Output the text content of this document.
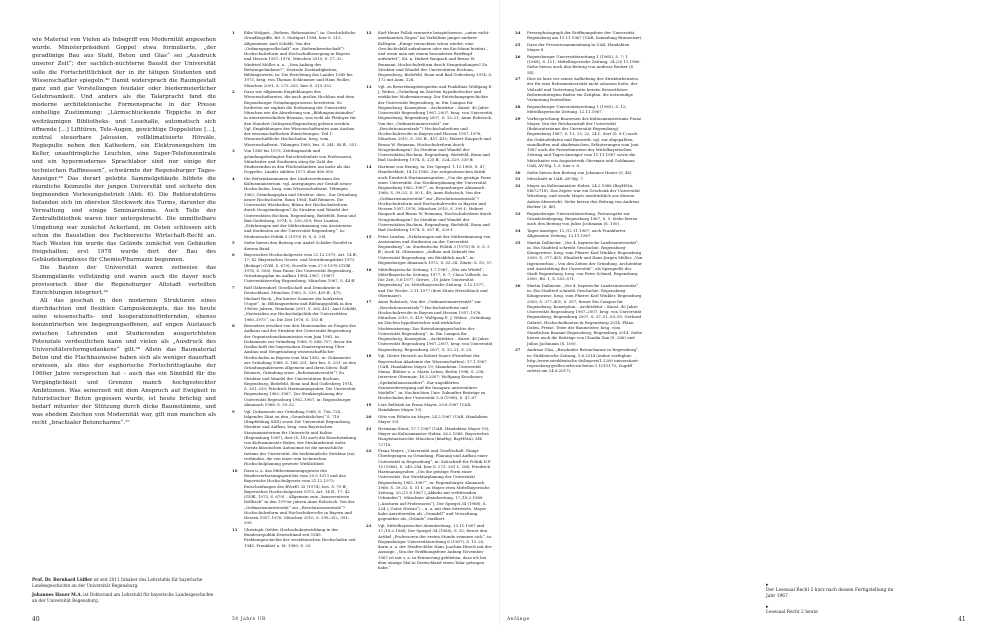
wie Material von Vielen als Inbegriff von Modernität angesehen wurde. Ministerpräsident Goppel etwa formulierte, „der geradlinige Bau aus Stahl, Beton und Glas“ sei „Ausdruck unserer Zeit“; der sachlich-nüchterne Baustil der Universität solle die Fortschrittlichkeit der in ihr tätigen Studenten und Wissenschaftler spiegeln.³⁰ Damit widersprach die Raumgestalt ganz und gar Vorstellungen feudaler oder biedermeierlicher Gelehrsamkeit. Und anders als die Talarpracht fand die moderne architektonische Formensprache in der Presse einhellige Zustimmung: „Lärmschluckende Teppiche in der weiträumigen Bibliotheks- und Lesehalle, automatisch sich öffnende […] Lifttüren, Tele-Augen, gewichtige Doppelsitze […], zentral steuerbare Jalousien, vollklimatisierte Hörsäle, Regiepulte neben den Kathedern, ein Elektronengehirn im Keller, unaufdringliche Leuchten, eine Super-Telefonzentrale und ein hypermodernes Sprachlabor sind nur einige der technischen Raffinessen“, schwärmte der Regensburger Tages-Anzeiger.³⁴ Das derart gelobte Sammelgebäude bildete die räumliche Keimzelle der jungen Universität und sicherte den beginnenden Vorlesungsbetrieb (Abb. 6). Die Rektoratsbüros befanden sich im obersten Stockwerk des Turms, darunter die Verwaltung und einige Seminarräume. Auch Teile der Zentralbibliothek waren hier untergebracht. Die unmittelbare Umgebung war zunächst Ackerland, im Osten schlossen sich schon die Baustellen des Fachbereichs Wirtschaft-Recht an. Nach Westen hin wurde das Gelände zunächst von Gebäuden freigehalten; erst 1978 wurde dort der Bau des Gebäudekomplexes für Chemie/Pharmazie begonnen.

Die Bauten der Universität waren zeitweise das Stammgelände vollständig und waren auch die davor noch provisorisch über die Regensburger Altstadt verteilten Einrichtungen integriert.³⁴

All das geschah in den modernen Strukturen eines durchdachten und flexiblen Campuskonzepts, das bis heute seine wissenschafts- und kooperationsfördernden, ebenso konzentrierten wie begegnungsoffenen, auf engen Austausch zwischen Lehrenden und Studierenden ausgerichteten Potenziale verdeutlichen kann und vielen als „Ausdruck des Universitätsreformgedankens“ gilt.³⁸ Allein das Baumaterial Beton und die Flachbauweise haben sich als weniger dauerhaft erwiesen, als dies der euphorische Fortschrittsglaube der 1960er Jahre versprochen hat – auch das ein Sinnbild für die Vergänglichkeit und Grenzen manch hochgesteckter Ambitionen. Was seinerzeit mit dem Anspruch auf Ewigkeit in futuristischer Beton gegossen wurde, ist heute brüchig und bedarf mitunter der Stützung durch dicke Baumstämme, und was ehedem Zeichen von Modernität war, gilt nun manchen als recht „brachialer Betoncharme“.³⁷

Prof. Dr. Bernhard Löffler ist seit 2011 Inhaber des Lehrstuhls für bayerische Landesgeschichte an der Universität Regensburg.

Johannes Hauer M.A. ist Doktorand am Lehrstuhl für bayerische Landesgeschichte an der Universität Regensburg.

1	Eike Wolgast, „Reform, Reformation“, in: Geschichtliche Grundbegriffe, Bd. 5, Stuttgart 1984, hier S. 313. Allgemeiner Axel Schildt, Von der „Ordnungsgesellschaft“ zur „Reformbereitschaft“? Hochschulreform und Hochschulbewegung in Bayern und Hessen 1957–1976, München 2010, S. 17–32; Winfried Müller u. a., „Vom Anfang des Reformgedankens?“, Zentrale Zuständigkeiten, Bildungswerte, in: Die Errichtung des Landes 1949 bis 1973, hrsg. von Thomas Schlemmer und Hans Woller, München 2001, S. 273–355, hier S. 319–352.
2	Dazu wie allgemein Empfehlungen des Wissenschaftsrates, die nach großen Hochbau und dem Regensburger Gründungsprozesse bereiteten. So forderten sie explizit die Entlastung der Universität München wie die Abwehrung von „Bildungsnotständen“ in unterentwickelten Räumen, was wohl als Plädoyer für den Standort Ostbayern/Regensburg gelesen werden. Vgl. Empfehlungen des Wissenschaftsrates zum Ausbau der wissenschaftlichen Einrichtungen. Teil 1: Wissenschaftliche Hochschulen, hrsg. vom Wissenschaftsrat, Tübingen 1960, bes. S. 24f., 48 ff., 551.
3	Von 1949 bis 1975, Zeitdiagnostik und gründungsbedingter Entschiedenheit von Professoren, Mitarbeiter und Studenten stieg die Zahl der Studierenden in den Flächenländern um mehr als das Doppelte; Länder zählten 1971 über 400.000.
4	Die Reformkommunen der Ländersreformen der Kultusministerium: vgl. Anregungen zur Gestalt neuer Hochschulen, hrsg. vom Wissenschaftsrat, Tübingen 1962; Gründungsplan und Struktur: ders., Zur Gründung neuer Hochschulen, Bonn 1964; Ralf Reimers, Die Universität Wiesbaden; Bilanz der Hochschulreform durch Neugründungen? Zu Struktur und Wandel der Universitäten Bochum, Regensburg, Bielefeld, Bonn und Bad Godesberg, 1974, S. 330–359; Peer Landau, „Erfahrungen mit der Mitbestimmung von Assistenten und Studenten an der Universität Regensburg“, in: Studentische Politik 3 (1970) H. 8, S. 3 ff.
5	Siehe hierzu den Beitrag von André Schäfer-Zweifel in diesem Band.
6	Bayerisches Hochschulgesetz vom 21.12.1973, Art. 14 ff., 17; 42 (Bayerisches Gesetz- und Verordnungsblatt 1973 (Beilage) GVBl. S. 679); Novelle vom 27.9.1978 (GVBl. 1978, S. 508). Max Pauer, Die Universität Regensburg – Gründungsplan im Aufbau 1964–1967, (1967) Universitätsverlag Regensburg, München 1967, S. 44 ff.
7	Rolf Dahrendorf, Gesellschaft und Demokratie in Deutschland, München 1965, S. 339, 439 ff., 475; Michael Ruck, „Ein kurzer Sommer der konkreten Utopie“, in: Bildungsreform und Bildungspolitik in den 1960er Jahren, Weinheim 2001, S. 362–401; Axel Schildt, „Materialien zur Hochschulpolitik der Universitäten 1960–1975“, in: Die Zeit 1978, S. 153 ff.
8	Besonders erwähnt von den Memoranden zu Fragen des Aufbaus und der Struktur der Universität Regensburg der Organisationskommission vom Juni 1963, in: Dokumente zur Gründung 1968, S. 688–707; davor die Denkschrift der bayerischen Staatsregierung Über Ausbau und Neugründung wissenschaftlicher Hochschulen in Bayern vom Mai 1962, in: Dokumente zur Gründung 1968, S. 168–201, hier bes. S. 201; zu den Gründungsakteuren allgemein und ihren Ideen: Ralf Reimers, Gründung einer „Reformuniversität“? Zu Struktur und Wandel der Universitäten Bochum, Regensburg, Bielefeld, Bonn und Bad Godesberg 1974, S. 301–339; Friedrich Hartmannsgruber, Die Universität Regensburg 1962–1967, Zur Strukturplanung der Universität Regensburg 1962–1967, in: Regensburger Almanach 1968, S. 39–52.
9	Vgl. Dokumente zur Gründung 1968, S. 706–724, folgendes Zitat zu den „Grundsätzlichen“ S. 718 (Empfehlung XXII) sowie Die Universität Regensburg, Struktur und Aufbau, hrsg. vom Bayerischen Staatsministerium für Unterricht und Kultus (Regensburg 1967), dort (S. 18) auch die Einschränkung von Kultusminister Huber, der Strukturbeirat unter Vorsitz klassischen Autonomie ist die menschliche Instanz der Universität, die herkömmliche Struktur (zu) verbinden, die von einer rein technischen Hochschulplanung gesetzte Wirklichkeit
10	Dazu u. a. das Mitbestimmungsgesetz des Bundesverfassungsgerichts vom 29.5.1973 und das Bayerische Hochschulgesetz vom 21.12.1973: Entscheidungen des BVerfG 35 (1974), bes. S. 79 ff.; Bayerisches Hochschulgesetz 1973, Art. 14 ff., 17; 42 (GVBl. 1973, S. 679) – Allgemein zum „konservativen Rollback“ in den 1970er Jahren Anne Rohstock, Von der „Ordinarienuniversität“ zur „Revolutionszentrale“? Hochschulreform und Hochschulrevolte in Bayern und Hessen 1957–1976, München 2010, S. 299–352, 391–399.
11	Christoph Oehler, Hochschulentwicklung in der Bundesrepublik Deutschland seit 1945. Problemgeschichte der westdeutschen Hochschulen seit 1945, Frankfurt a. M. 1989, S. 20.
12	Karl-Heinz Pollok erinnerte beispielsweise, „unter nicht-anerkannten Zügen“ im Verhältnis junger anderer Kollegen: „Einige versuchten schon wieder, eine Geschichtsbild aufzubauen oder ein Ein-Mann-Institut – und wenn man mit einem besonderen Briefkopf aufwartet“, Zit. n. Hubert Raupach und Bruno W. Reimann, Hochschulreform durch Neugründungen? Zu Struktur und Wandel der Universitäten Bochum, Regensburg, Bielefeld, Bonn und Bad Godesberg 1974, S. 172 mit Anm. 128.
13	Vgl. zu Bewerbungsbeispielen und Punktlinie Wolfgang E. J. Weber, „Gründung im Zeichen hypothetischer und wirklicher Modernisierung: Zur Entstehungsgeschichte der Universität Regensburg, in: Ein Campus für Regensburg, Konzeption – Architektur – Kunst. 40 Jahre Universität Regensburg 1967–2007, hrsg. von Universität Regensburg, Regensburg 2007, S. 13–21; Anne Rohstock, Von der „Ordinarienuniversität“ zur „Revolutionszentrale“? Hochschulreform und Hochschulrevolte in Bayern und Hessen 1957–1976, München 2010, S. 302 ff., 407–415; Hubert Raupach und Bruno W. Reimann, Hochschulreform durch Neugründungen? Zu Struktur und Wandel der Universitäten Bochum, Regensburg, Bielefeld, Bonn und Bad Godesberg 1974, S. 225 ff., 324–329, 339 ff.
14	Hartmut von Hentig, in: Der Spiegel, 1.12.1965, S. 47; Hundertblatt, 14.10.1965. Zur zeitgenössischen Kritik auch Friedrich Hartmannsgruber, „Um die geistige Form einer Universität. Zur Strukturplanung der Universität Regensburg 1962–1967“, in: Regensburger Almanach 1968, S. 39–52, S. 50 f., 48; Anne Rohstock, Von der „Ordinarienuniversität“ zur „Revolutionszentrale“? Hochschulreform und Hochschulrevolte in Bayern und Hessen 1957–1976, München 2010, S. 399 f.; Hubert Raupach und Bruno W. Reimann, Hochschulreform durch Neugründungen? Zu Struktur und Wandel der Universitäten Bochum, Regensburg, Bielefeld, Bonn und Bad Godesberg 1974, S. 307 ff., 329 f.
15	Peter Landau, „Erfahrungen mit der Mitbestimmung von Assistenten und Studenten an der Universität Regensburg“, in: Studentische Politik 3 (1970) H. 8, S. 3 ff.; Auch M. Obermaier, „Aufbau und Zukunft der Universität Regensburg: ein Rückblick nach“, in: Regensburger Almanach 1973, S. 53–58, Zitate: S. 55, 57.
16	Mittelbayerische Zeitung, 1.7.1967, „Wie ein Würfel“, Mittelbayerische Zeitung, 1977, S. 7; Claus Vollrath, in: Die Zeit, 5.8.1977; Grewe, „10 Jahre Universität Regensburg“ in: Mittelbayerische Zeitung, 3.12.1977, und Die Woche, 3.11.1977 (dort Zitate Herschbach und Obermaier).
17	Anne Rohstock, Von der „Ordinarienuniversität“ zur „Revolutionszentrale“? Hochschulreform und Hochschulrevolte in Bayern und Hessen 1957–1976, München 2010, S. 419; Wolfgang E. J. Weber, „Gründung im Zeichen hypothetischer und wirklicher Modernisierung: Zur Entstehungsgeschichte der Universität Regensburg“, in: Ein Campus für Regensburg, Konzeption – Architektur – Kunst. 40 Jahre Universität Regensburg 1967–2007, hrsg. von Universität Regensburg, Regensburg 2007, S. 13–21, S. 20.
18	Vgl. Dieter Henrich an Robert Sauer (Präsident der Bayerischen Akademie der Wissenschaften), 17.1.1967 (UAR, Handakten Mayer 19; Mannheim: Universität Mainz, Blätter u. a. Marta Leben, Berlin 1996, S. 238; Interview Obermair, 16.3.2007; Wolfgang Kronbauer, „Spekulationsstandort“. Zur ungeklärten Seniorenbewegung auf die Inaugura universitärer Modelle“, in: Nachrichten Univ. Zukunfter Beiträge zu Hochschulen der Universität 5–6 (1998), S. 47–67.
19	Lorz Rellstab an Franz Mayer, 29.6.1967 (UAR, Handakten Mayer 19).
20	Götz von Pölnitz an Mayer, 24.2.1967 (UAR, Handakten Mayer 19).
21	Hermann Staut, 17.7.1967 (UAR, Handakten Mayer 19); Mayer an Kultusminister Huber, 26.2.1968. Bayerisches Hauptstaatsarchiv München (künftig: BayHStA), MK 72718.
22	Franz Mayer, „Universität und Gesellschaft. Einige Überlegungen zu Gründung, Planung und Aufbau einer Universität in Regensburg“, in: Zeitschrift für Politik N.F. 15 (1968), S. 249–284, hier S. 273, 281 f., 284; Friedrich Hartmannsgruber, „Um die geistige Form einer Universität. Zur Strukturplanung der Universität Regensburg 1962–1967“, in: Regensburger Almanach 1968, S. 39–52, S. 51 f.; zu Mayer etwa Mittelbayerische Zeitung, 20./21.6.1967 („Abkehr mit weltfremden Urkunden“); Münchner Abendzeitung, 17./18.2.1968 („Ansturm auf Professoren“); Der Spiegel 34 (1968), S. 224 („Unter Niveau“) – u. a. mit dem Sitzwerte, Mayer habe Antrittsreden als „Grundell“ und Verwaltung gegenüber als „Gründe“ etabliert.
23	Vgl. Mittelbayerischer Abendzeitung, 13.11.1967 und 17./18.2.1968; Der Spiegel 34 (1968), S. 32; ferner den Artikel „Professoren der ersten Stunde erinnern sich“, in: Regensburger Universitätszeitung 6 (1987), S. 15–20, darin u. a. der Strafrechtler Hans Joachim Hirsch mit der Aussage, „Von der Eröffnungsfeier Anfang November 1967 ist mir v. a. in Erinnerung geblieben, dass ich bei dem einzige Mal in Deutschland einen Talar getragen habe.“
40	50 Jahre UR
24	Pressephotograph der Eröffnungsfeier der Universität Regensburg am 11.11.1967 (UAR, Sammlung Brauneiser).
25	Dazu der Pressezusammenhang in UAR, Handakten Mayer 8.
26	Regensburger Universitätszeitung 1 (1965), S. 7; 1 (1968), S. 121; Mittelbayerische Zeitung, 24./25.11.1966. Siehe hierzu auch den Beitrag von Andreas Becker (S. 54).
27	Dies ist kurz vor seiner Aufhebung des Strukturbeirates, der für eine Reformuniversität nicht zulassen hatte, der Vielzahl und Vertretung hatte bereits Ressortleiter: Reformstrategien finden ein Zeitplan, die notwendige Vermutung feststellen.
28	Regensburger Universitätszeitung 1 (1965), S. 12; Mittelbayerische Zeitung, 12.11.1967.
29	Vorbesprechung Bauwesen des Kultusministeriums Franz Mayer, Von der Reichsanstalt der Universität (Rektoratsräume der Universität Regensburg), Regensburg 1967, S. 11, 13, 22, 24 f., dort (S. 8 f.) auch die Gebäudedaten und Bauwerk: vgl. zur abgepaßten, standhaften und akademischen, Erläuterungen vom Juni 1967 auch die Pressehinweise der Mittelbayerischen Zeitung und Tages-Anzeiger vom 11.11.1967 sowie die Mitschnitte von Auguststreik Obermair und Goldmann UAR, AV-Slg. 1–9, hier v. 8.
30	Siehe hierzu den Beitrag von Johannes Hauer (S. 46).
31	Mitschnitt in UAR, AV-Slg. 7.
32	Mayer an Kultusminister Huber, 24.2.1968 (BayHStA, MK72718). Das Zepter war ein Geschenk der Universität Würzburg, und wurde Mayer ausdrücklich aus diesem Anlass überreicht. Siehe hierzu den Beitrag von Andreas Becker (S. 46).
33	Regensburger Universitätszeitung, Festausgabe zur Grundsteinlegung, Regensburg 1967, S. 5. Siehe hierzu auch den Beitrag von Julius Jochmann (S. 100).
34	Tages-Anzeiger, 11./12.11.1967; auch Frankfurter Allgemeine Zeitung, 13.11.1967.
35	Martin Dallmeier, „Die 4. bayerische Landesuniversität“, in: Ein Stadtteil schreibt Geschichte. Regensburg-Königswiese, hrsg. vom Pfarrer Karl Winkler, Regensburg 2000, S. 377–401; Elisabeth und Hans-Jürgen Müller, „Von Ingenieurbau – Von den Zeiten der Gründung. Architektur und Ausstattung der Universität“, als Sparquelle der Stadt Regensburg, hrsg. von Peter Schmid, Regensburg 2000, Bd. 1, S. 553–571.
36	Martin Dallmeier, „Die 4. bayerische Landesuniversität“, in: Ein Stadtteil schreibt Geschichte. Regensburg-Königswiese, hrsg. vom Pfarrer Karl Winkler, Regensburg 2000, S. 377–401, S. 397; ferner Ein Campus für Regensburg, Konzeption – Architektur – Kunst. 40 Jahre Universität Regensburg 1967–2007, hrsg. von Universität Regensburg, Regensburg 2007, S. 37–51, 63–95; Gerhard Gabriel, Hochschulbauten in Regensburg 2014: Pläne, Daten, Preise, Texte der Baumeister, hrsg. vom Staatlichen Bauamt Regensburg, Regensburg 2014. Siehe hierzu auch die Beiträge von Claudia Zim (S. 286) und Julius Jochmann (S. 100).
37	Andreas Glas, „Brachialer Betoncharme in Regensburg“, in: Süddeutsche Zeitung, 5.6.2014 (online verfügbar: http://www.sueddeutsche.de/bayern/1.2200 universitaet-regensburg-grelles-erbe-im-beton-1.1015170; Zugriff zuletzt am 14.6.2017).
▸
Der Lesesaal Recht 2 kurz nach dessen Fertigstellung im Jahr 1967
▸
Lesesaal Recht 2 heute
Anfänge	41
